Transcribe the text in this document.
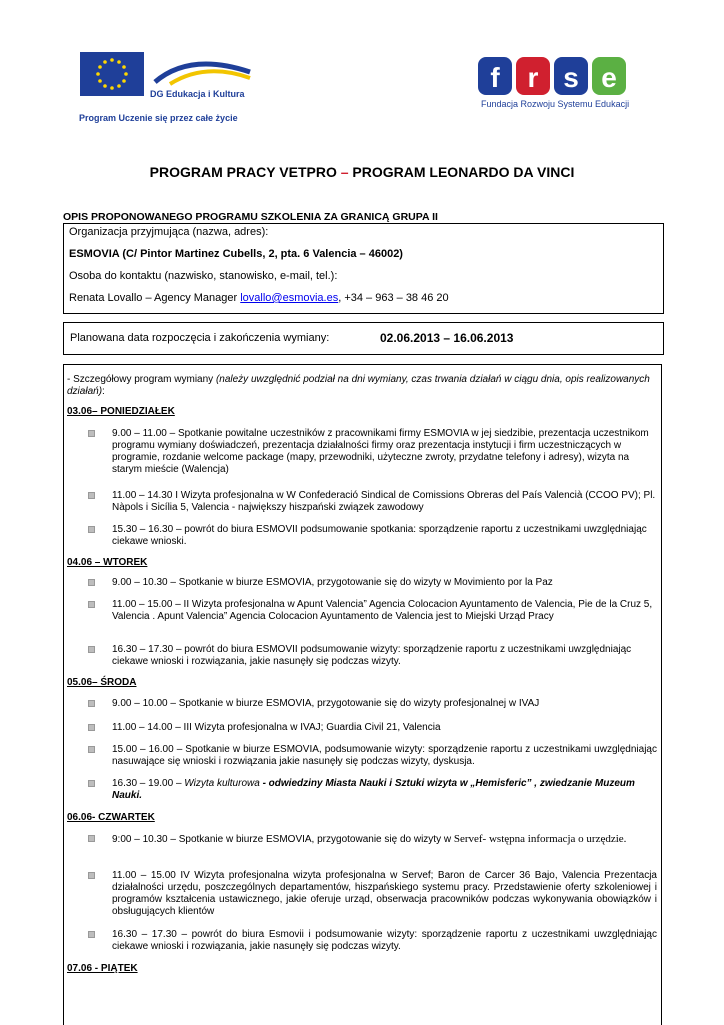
DG Edukacja i Kultura
Program Uczenie się przez całe życie
f r s e
Fundacja Rozwoju Systemu Edukacji
PROGRAM PRACY VETPRO – PROGRAM LEONARDO DA VINCI
OPIS PROPONOWANEGO PROGRAMU SZKOLENIA ZA GRANICĄ GRUPA II
Organizacja przyjmująca (nazwa, adres):
ESMOVIA (C/ Pintor Martinez Cubells, 2, pta. 6 Valencia – 46002)
Osoba do kontaktu (nazwisko, stanowisko, e-mail, tel.):
Renata Lovallo – Agency Manager lovallo@esmovia.es, +34 – 963 – 38 46 20
Planowana data rozpoczęcia i zakończenia wymiany:	02.06.2013 – 16.06.2013
- Szczegółowy program wymiany (należy uwzględnić podział na dni wymiany, czas trwania działań w ciągu dnia, opis realizowanych działań):
03.06– PONIEDZIAŁEK
9.00 – 11.00 – Spotkanie powitalne uczestników z pracownikami firmy ESMOVIA w jej siedzibie, prezentacja uczestnikom programu wymiany doświadczeń, prezentacja działalności firmy oraz prezentacja instytucji i firm uczestniczących w programie, rozdanie welcome package (mapy, przewodniki, użyteczne zwroty, przydatne telefony i adresy), wizyta na starym mieście (Walencja)
11.00 – 14.30 I Wizyta profesjonalna w W Confederació Sindical de Comissions Obreras del País Valencià (CCOO PV); Pl. Nàpols i Sicília 5, Valencia - największy hiszpański związek zawodowy
15.30 – 16.30 – powrót do biura ESMOVII podsumowanie spotkania: sporządzenie raportu z uczestnikami uwzględniając ciekawe wnioski.
04.06 – WTOREK
9.00 – 10.30 – Spotkanie w biurze ESMOVIA, przygotowanie się do wizyty w Movimiento por la Paz
11.00 – 15.00 – II Wizyta profesjonalna w Apunt Valencia” Agencia Colocacion Ayuntamento de Valencia, Pie de la Cruz 5, Valencia . Apunt Valencia” Agencia Colocacion Ayuntamento de Valencia jest to Miejski Urząd Pracy
16.30 – 17.30 – powrót do biura ESMOVII podsumowanie wizyty: sporządzenie raportu z uczestnikami uwzględniając ciekawe wnioski i rozwiązania, jakie nasunęły się podczas wizyty.
05.06– ŚRODA
9.00 – 10.00 – Spotkanie w biurze ESMOVIA, przygotowanie się do wizyty profesjonalnej w IVAJ
11.00 – 14.00 – III Wizyta profesjonalna w IVAJ; Guardia Civil 21, Valencia
15.00 – 16.00 – Spotkanie w biurze ESMOVIA, podsumowanie wizyty: sporządzenie raportu z uczestnikami uwzględniając nasuwające się wnioski i rozwiązania jakie nasunęły się podczas wizyty, dyskusja.
16.30 – 19.00 – Wizyta kulturowa - odwiedziny Miasta Nauki i Sztuki wizyta w „Hemisferic” , zwiedzanie Muzeum Nauki.
06.06- CZWARTEK
9:00 – 10.30 – Spotkanie w biurze ESMOVIA, przygotowanie się do wizyty w Servef- wstępna informacja o urzędzie.
11.00 – 15.00 IV Wizyta profesjonalna wizyta profesjonalna w Servef; Baron de Carcer 36 Bajo, Valencia Prezentacja działalności urzędu, poszczególnych departamentów, hiszpańskiego systemu pracy. Przedstawienie oferty szkoleniowej i programów kształcenia ustawicznego, jakie oferuje urząd, obserwacja pracowników podczas wykonywania obowiązków i obsługujących klientów
16.30 – 17.30 – powrót do biura Esmovii i podsumowanie wizyty: sporządzenie raportu z uczestnikami uwzględniając ciekawe wnioski i rozwiązania, jakie nasunęły się podczas wizyty.
07.06 - PIĄTEK
